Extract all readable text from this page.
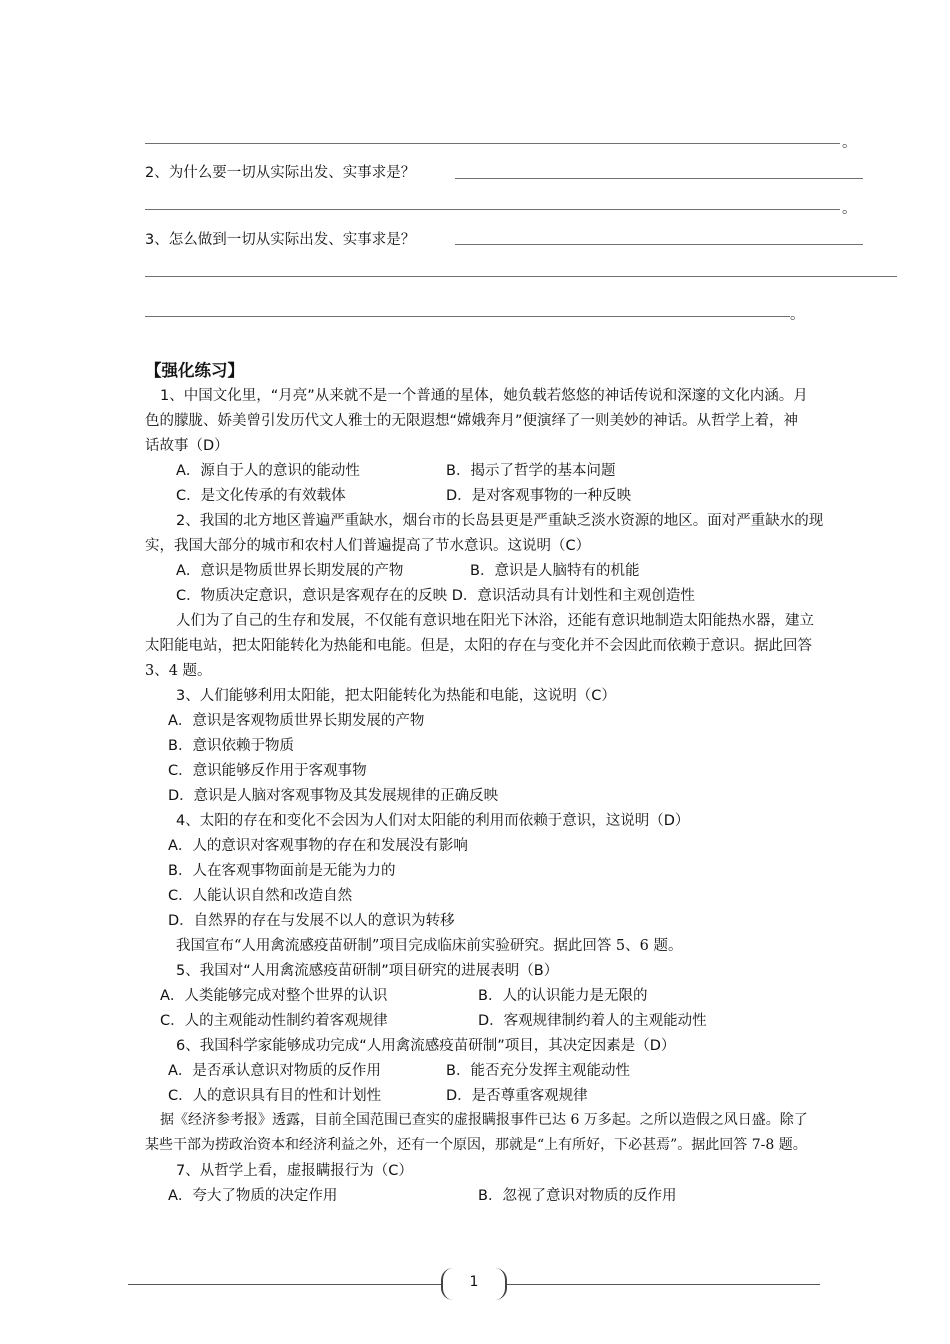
。
2、为什么要一切从实际出发、实事求是？
。
3、怎么做到一切从实际出发、实事求是？
。
【强化练习】
1、中国文化里，“月亮”从来就不是一个普通的星体，她负载若悠悠的神话传说和深邃的文化内涵。月
色的朦胧、娇美曾引发历代文人雅士的无限遐想“嫦娥奔月”便演绎了一则美妙的神话。从哲学上着，神
话故事（D）
A．源自于人的意识的能动性	B．揭示了哲学的基本问题
C．是文化传承的有效载体	D．是对客观事物的一种反映
2、我国的北方地区普遍严重缺水，烟台市的长岛县更是严重缺乏淡水资源的地区。面对严重缺水的现
实，我国大部分的城市和农村人们普遍提高了节水意识。这说明（C）
A．意识是物质世界长期发展的产物	B．意识是人脑特有的机能
C．物质决定意识，意识是客观存在的反映 D．意识活动具有计划性和主观创造性
人们为了自己的生存和发展，不仅能有意识地在阳光下沐浴，还能有意识地制造太阳能热水器，建立
太阳能电站，把太阳能转化为热能和电能。但是，太阳的存在与变化并不会因此而依赖于意识。据此回答
3、4 题。
3、人们能够利用太阳能，把太阳能转化为热能和电能，这说明（C）
A．意识是客观物质世界长期发展的产物
B．意识依赖于物质
C．意识能够反作用于客观事物
D．意识是人脑对客观事物及其发展规律的正确反映
4、太阳的存在和变化不会因为人们对太阳能的利用而依赖于意识，这说明（D）
A．人的意识对客观事物的存在和发展没有影响
B．人在客观事物面前是无能为力的
C．人能认识自然和改造自然
D．自然界的存在与发展不以人的意识为转移
我国宣布“人用禽流感疫苗研制”项目完成临床前实验研究。据此回答 5、6 题。
5、我国对“人用禽流感疫苗研制”项目研究的进展表明（B）
A．人类能够完成对整个世界的认识	B．人的认识能力是无限的
C．人的主观能动性制约着客观规律	D．客观规律制约着人的主观能动性
6、我国科学家能够成功完成“人用禽流感疫苗研制”项目，其决定因素是（D）
A．是否承认意识对物质的反作用	B．能否充分发挥主观能动性
C．人的意识具有目的性和计划性	D．是否尊重客观规律
据《经济参考报》透露，目前全国范围已查实的虚报瞒报事件已达 6 万多起。之所以造假之风日盛。除了
某些干部为捞政治资本和经济利益之外，还有一个原因，那就是“上有所好，下必甚焉”。据此回答 7-8 题。
7、从哲学上看，虚报瞒报行为（C）
A．夸大了物质的决定作用	B．忽视了意识对物质的反作用
1
